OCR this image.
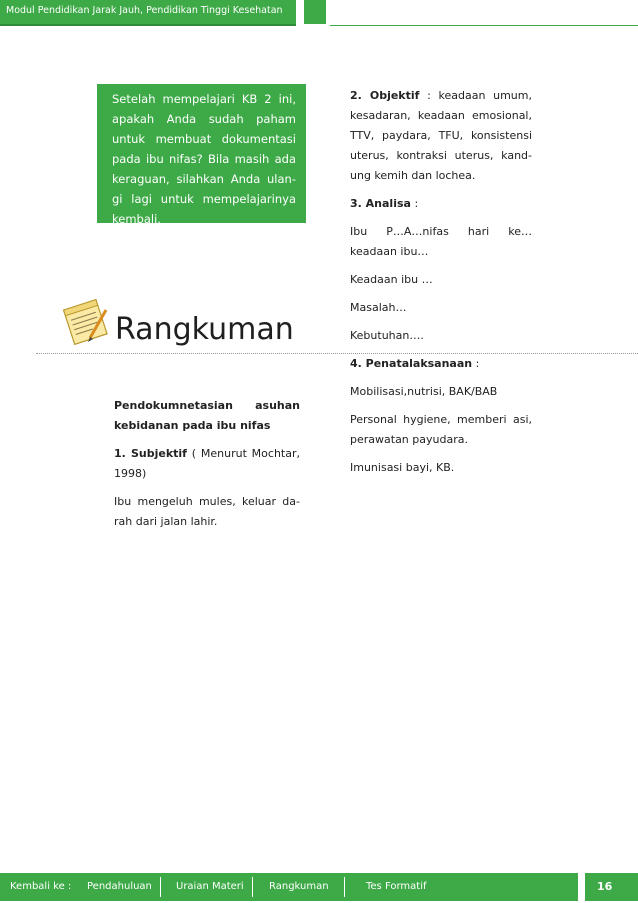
Modul Pendidikan Jarak Jauh, Pendidikan Tinggi Kesehatan
Setelah mempelajari KB 2 ini, apakah Anda sudah paham untuk membuat dokumentasi pada ibu nifas? Bila masih ada keraguan, silahkan Anda ulan-gi lagi untuk mempelajarinya kembali.
Rangkuman

Pendokumnetasian asuhan kebidanan pada ibu nifas

1. Subjektif ( Menurut Mochtar, 1998)

Ibu mengeluh mules, keluar da-rah dari jalan lahir.

2. Objektif : keadaan umum, kesadaran, keadaan emosional, TTV, paydara, TFU, konsistensi uterus, kontraksi uterus, kand-ung kemih dan lochea.

3. Analisa :

Ibu P…A…nifas hari ke…keadaan ibu…

Keadaan ibu …

Masalah…

Kebutuhan….

4. Penatalaksanaan :

Mobilisasi,nutrisi, BAK/BAB

Personal hygiene, memberi asi, perawatan payudara.

Imunisasi bayi, KB.

Kembali ke : Pendahuluan Uraian Materi	Rangkuman	Tes Formatif	16
